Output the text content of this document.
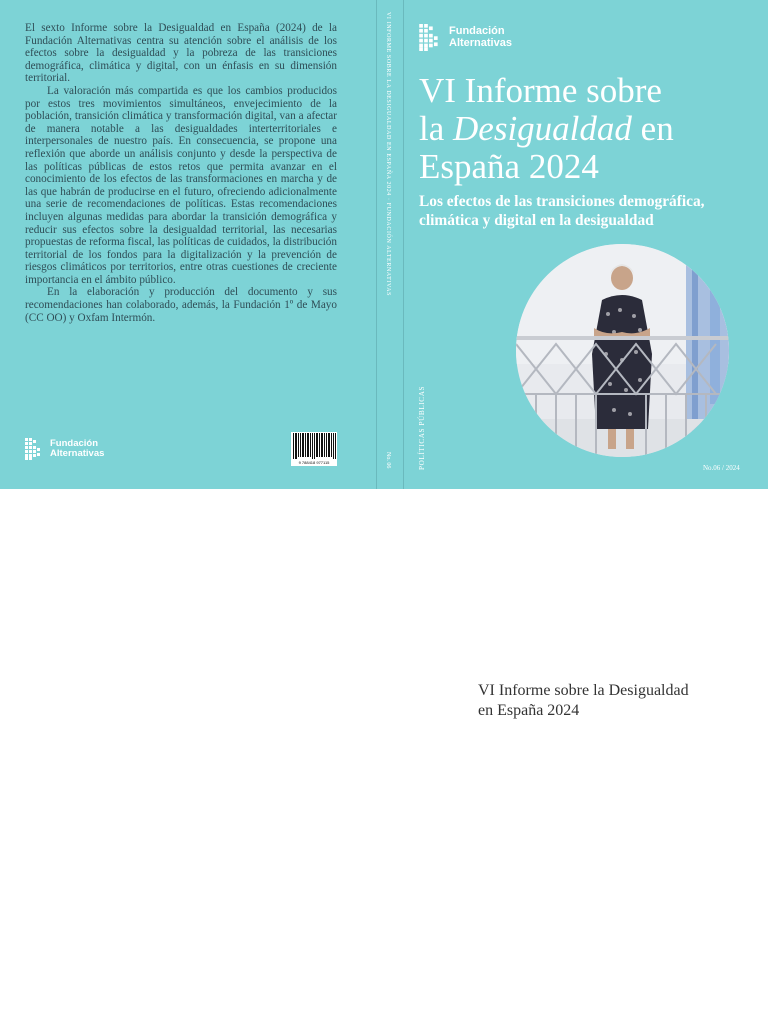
El sexto Informe sobre la Desigualdad en España (2024) de la Fundación Alternativas centra su atención sobre el análisis de los efectos sobre la desigualdad y la pobreza de las transiciones demográfica, climática y digital, con un énfasis en su dimensión territorial.

La valoración más compartida es que los cambios producidos por estos tres movimientos simultáneos, envejecimiento de la población, transición climática y transformación digital, van a afectar de manera notable a las desigualdades interterritoriales e interpersonales de nuestro país. En consecuencia, se propone una reflexión que aborde un análisis conjunto y desde la perspectiva de las políticas públicas de estos retos que permita avanzar en el conocimiento de los efectos de las transformaciones en marcha y de las que habrán de producirse en el futuro, ofreciendo adicionalmente una serie de recomendaciones de políticas. Estas recomendaciones incluyen algunas medidas para abordar la transición demográfica y reducir sus efectos sobre la desigualdad territorial, las necesarias propuestas de reforma fiscal, las políticas de cuidados, la distribución territorial de los fondos para la digitalización y la prevención de riesgos climáticos por territorios, entre otras cuestiones de creciente importancia en el ámbito público.

En la elaboración y producción del documento y sus recomendaciones han colaborado, además, la Fundación 1º de Mayo (CC OO) y Oxfam Intermón.

Fundación
Alternativas
9 788418 977115
VI INFORME SOBRE LA DESIGUALDAD EN ESPAÑA 2024 · FUNDACIÓN ALTERNATIVAS
No. 06
Fundación
Alternativas
VI Informe sobre
la Desigualdad en
España 2024

Los efectos de las transiciones demográfica,
climática y digital en la desigualdad

POLÍTICAS PÚBLICAS	No.06 / 2024
VI Informe sobre la Desigualdad
en España 2024
